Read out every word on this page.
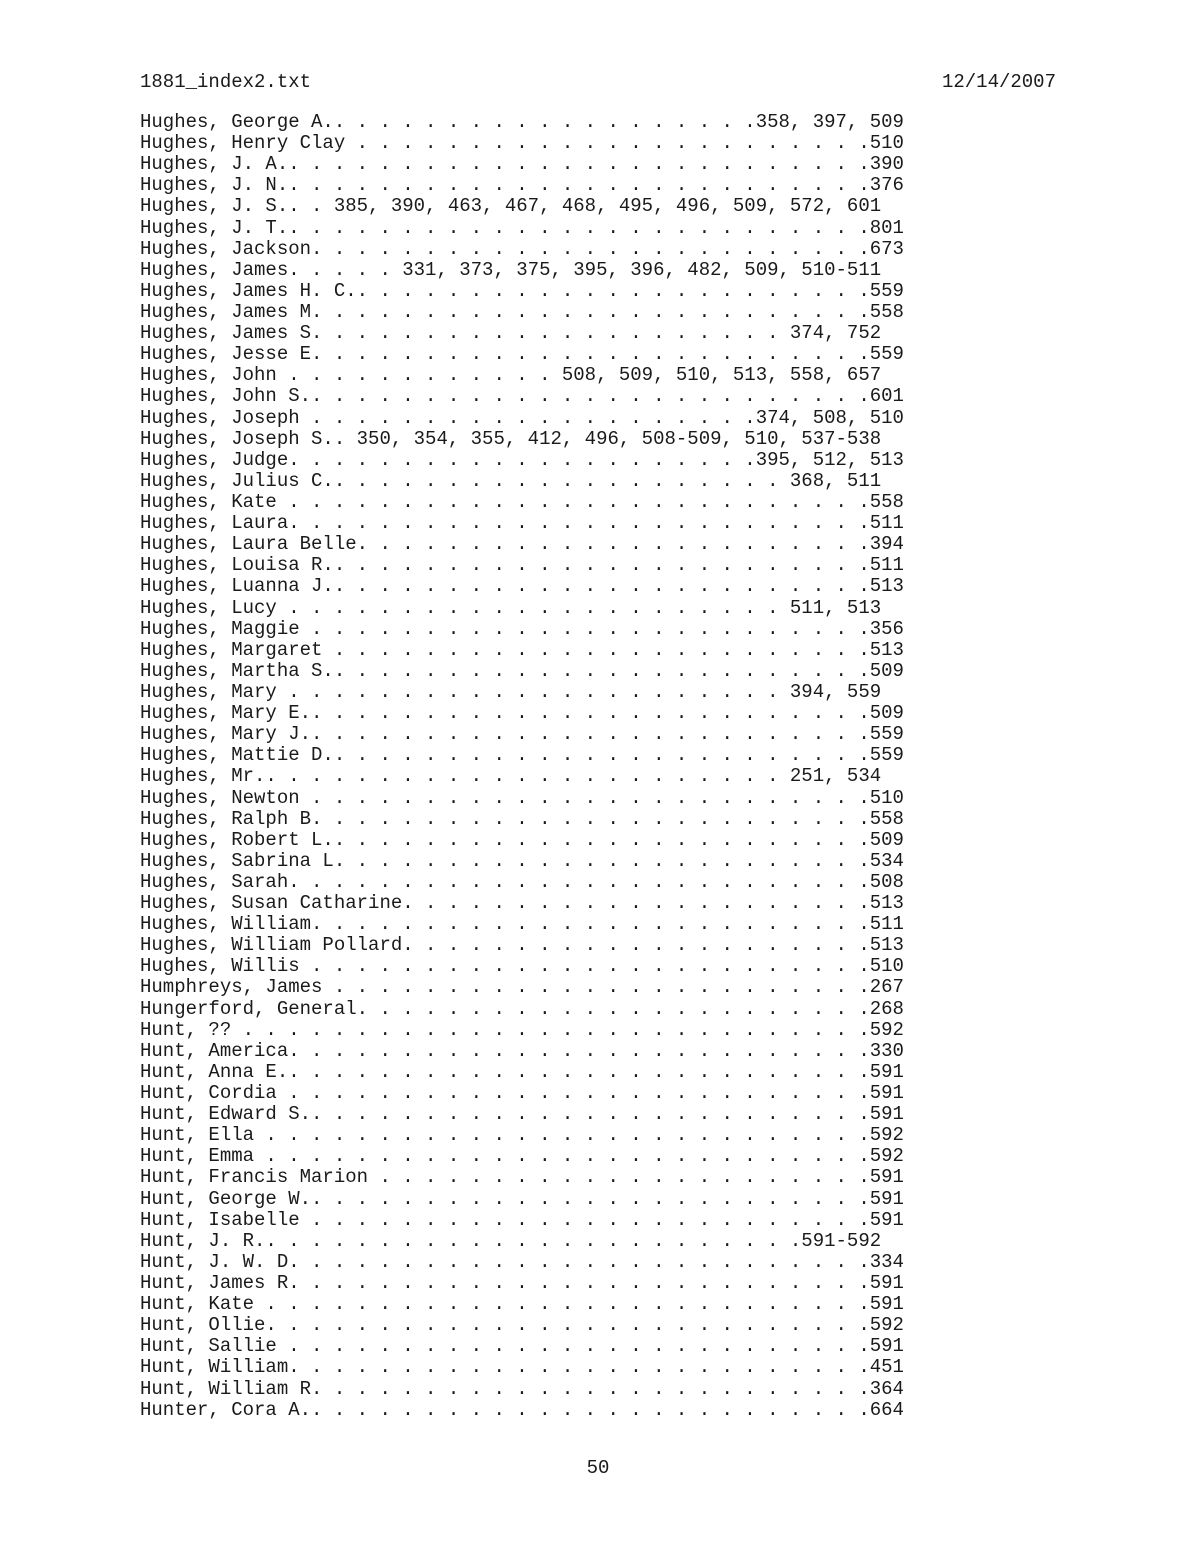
1881_index2.txt	12/14/2007
Hughes, George A.. . . . . . . . . . . . . . . . . . .358, 397, 509
Hughes, Henry Clay . . . . . . . . . . . . . . . . . . . . . . .510
Hughes, J. A.. . . . . . . . . . . . . . . . . . . . . . . . . .390
Hughes, J. N.. . . . . . . . . . . . . . . . . . . . . . . . . .376
Hughes, J. S.. . 385, 390, 463, 467, 468, 495, 496, 509, 572, 601
Hughes, J. T.. . . . . . . . . . . . . . . . . . . . . . . . . .801
Hughes, Jackson. . . . . . . . . . . . . . . . . . . . . . . . .673
Hughes, James. . . . . 331, 373, 375, 395, 396, 482, 509, 510-511
Hughes, James H. C.. . . . . . . . . . . . . . . . . . . . . . .559
Hughes, James M. . . . . . . . . . . . . . . . . . . . . . . . .558
Hughes, James S. . . . . . . . . . . . . . . . . . . . . 374, 752
Hughes, Jesse E. . . . . . . . . . . . . . . . . . . . . . . . .559
Hughes, John . . . . . . . . . . . . 508, 509, 510, 513, 558, 657
Hughes, John S.. . . . . . . . . . . . . . . . . . . . . . . . .601
Hughes, Joseph . . . . . . . . . . . . . . . . . . . .374, 508, 510
Hughes, Joseph S.. 350, 354, 355, 412, 496, 508-509, 510, 537-538
Hughes, Judge. . . . . . . . . . . . . . . . . . . . .395, 512, 513
Hughes, Julius C.. . . . . . . . . . . . . . . . . . . . 368, 511
Hughes, Kate . . . . . . . . . . . . . . . . . . . . . . . . . .558
Hughes, Laura. . . . . . . . . . . . . . . . . . . . . . . . . .511
Hughes, Laura Belle. . . . . . . . . . . . . . . . . . . . . . .394
Hughes, Louisa R.. . . . . . . . . . . . . . . . . . . . . . . .511
Hughes, Luanna J.. . . . . . . . . . . . . . . . . . . . . . . .513
Hughes, Lucy . . . . . . . . . . . . . . . . . . . . . . 511, 513
Hughes, Maggie . . . . . . . . . . . . . . . . . . . . . . . . .356
Hughes, Margaret . . . . . . . . . . . . . . . . . . . . . . . .513
Hughes, Martha S.. . . . . . . . . . . . . . . . . . . . . . . .509
Hughes, Mary . . . . . . . . . . . . . . . . . . . . . . 394, 559
Hughes, Mary E.. . . . . . . . . . . . . . . . . . . . . . . . .509
Hughes, Mary J.. . . . . . . . . . . . . . . . . . . . . . . . .559
Hughes, Mattie D.. . . . . . . . . . . . . . . . . . . . . . . .559
Hughes, Mr.. . . . . . . . . . . . . . . . . . . . . . . 251, 534
Hughes, Newton . . . . . . . . . . . . . . . . . . . . . . . . .510
Hughes, Ralph B. . . . . . . . . . . . . . . . . . . . . . . . .558
Hughes, Robert L.. . . . . . . . . . . . . . . . . . . . . . . .509
Hughes, Sabrina L. . . . . . . . . . . . . . . . . . . . . . . .534
Hughes, Sarah. . . . . . . . . . . . . . . . . . . . . . . . . .508
Hughes, Susan Catharine. . . . . . . . . . . . . . . . . . . . .513
Hughes, William. . . . . . . . . . . . . . . . . . . . . . . . .511
Hughes, William Pollard. . . . . . . . . . . . . . . . . . . . .513
Hughes, Willis . . . . . . . . . . . . . . . . . . . . . . . . .510
Humphreys, James . . . . . . . . . . . . . . . . . . . . . . . .267
Hungerford, General. . . . . . . . . . . . . . . . . . . . . . .268
Hunt, ?? . . . . . . . . . . . . . . . . . . . . . . . . . . . .592
Hunt, America. . . . . . . . . . . . . . . . . . . . . . . . . .330
Hunt, Anna E.. . . . . . . . . . . . . . . . . . . . . . . . . .591
Hunt, Cordia . . . . . . . . . . . . . . . . . . . . . . . . . .591
Hunt, Edward S.. . . . . . . . . . . . . . . . . . . . . . . . .591
Hunt, Ella . . . . . . . . . . . . . . . . . . . . . . . . . . .592
Hunt, Emma . . . . . . . . . . . . . . . . . . . . . . . . . . .592
Hunt, Francis Marion . . . . . . . . . . . . . . . . . . . . . .591
Hunt, George W.. . . . . . . . . . . . . . . . . . . . . . . . .591
Hunt, Isabelle . . . . . . . . . . . . . . . . . . . . . . . . .591
Hunt, J. R.. . . . . . . . . . . . . . . . . . . . . . . .591-592
Hunt, J. W. D. . . . . . . . . . . . . . . . . . . . . . . . . .334
Hunt, James R. . . . . . . . . . . . . . . . . . . . . . . . . .591
Hunt, Kate . . . . . . . . . . . . . . . . . . . . . . . . . . .591
Hunt, Ollie. . . . . . . . . . . . . . . . . . . . . . . . . . .592
Hunt, Sallie . . . . . . . . . . . . . . . . . . . . . . . . . .591
Hunt, William. . . . . . . . . . . . . . . . . . . . . . . . . .451
Hunt, William R. . . . . . . . . . . . . . . . . . . . . . . . .364
Hunter, Cora A.. . . . . . . . . . . . . . . . . . . . . . . . .664
50
